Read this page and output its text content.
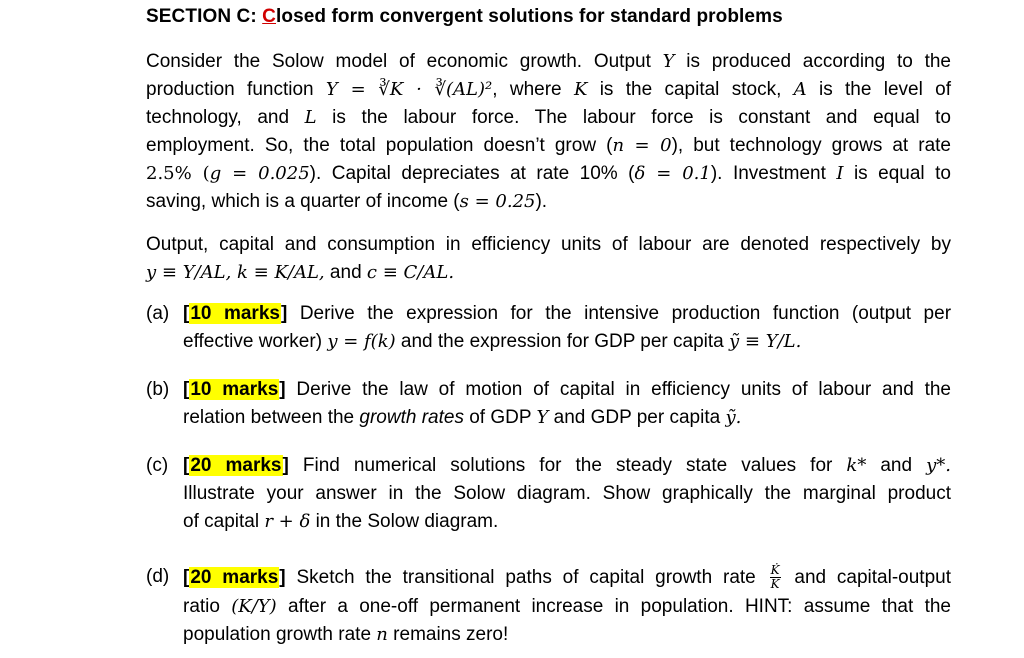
SECTION C: Closed form convergent solutions for standard problems
Consider the Solow model of economic growth. Output Y is produced according to the
production function Y = ∛K · ∛(AL)², where K is the capital stock, A is the level of
technology, and L is the labour force. The labour force is constant and equal to
employment. So, the total population doesn’t grow (n = 0), but technology grows at rate
2.5% (g = 0.025). Capital depreciates at rate 10% (δ = 0.1). Investment I is equal to
saving, which is a quarter of income (s = 0.25).
Output, capital and consumption in efficiency units of labour are denoted respectively by
y ≡ Y/AL, k ≡ K/AL, and c ≡ C/AL.
(a) [10 marks] Derive the expression for the intensive production function (output per
effective worker) y = f(k) and the expression for GDP per capita ỹ ≡ Y/L.
(b) [10 marks] Derive the law of motion of capital in efficiency units of labour and the
relation between the growth rates of GDP Y and GDP per capita ỹ.
(c) [20 marks] Find numerical solutions for the steady state values for k* and y*.
Illustrate your answer in the Solow diagram. Show graphically the marginal product
of capital r + δ in the Solow diagram.
(d) [20 marks] Sketch the transitional paths of capital growth rate $\frac{K̇}{K}$ and capital-output
ratio (K/Y) after a one-off permanent increase in population. HINT: assume that the
population growth rate n remains zero!
